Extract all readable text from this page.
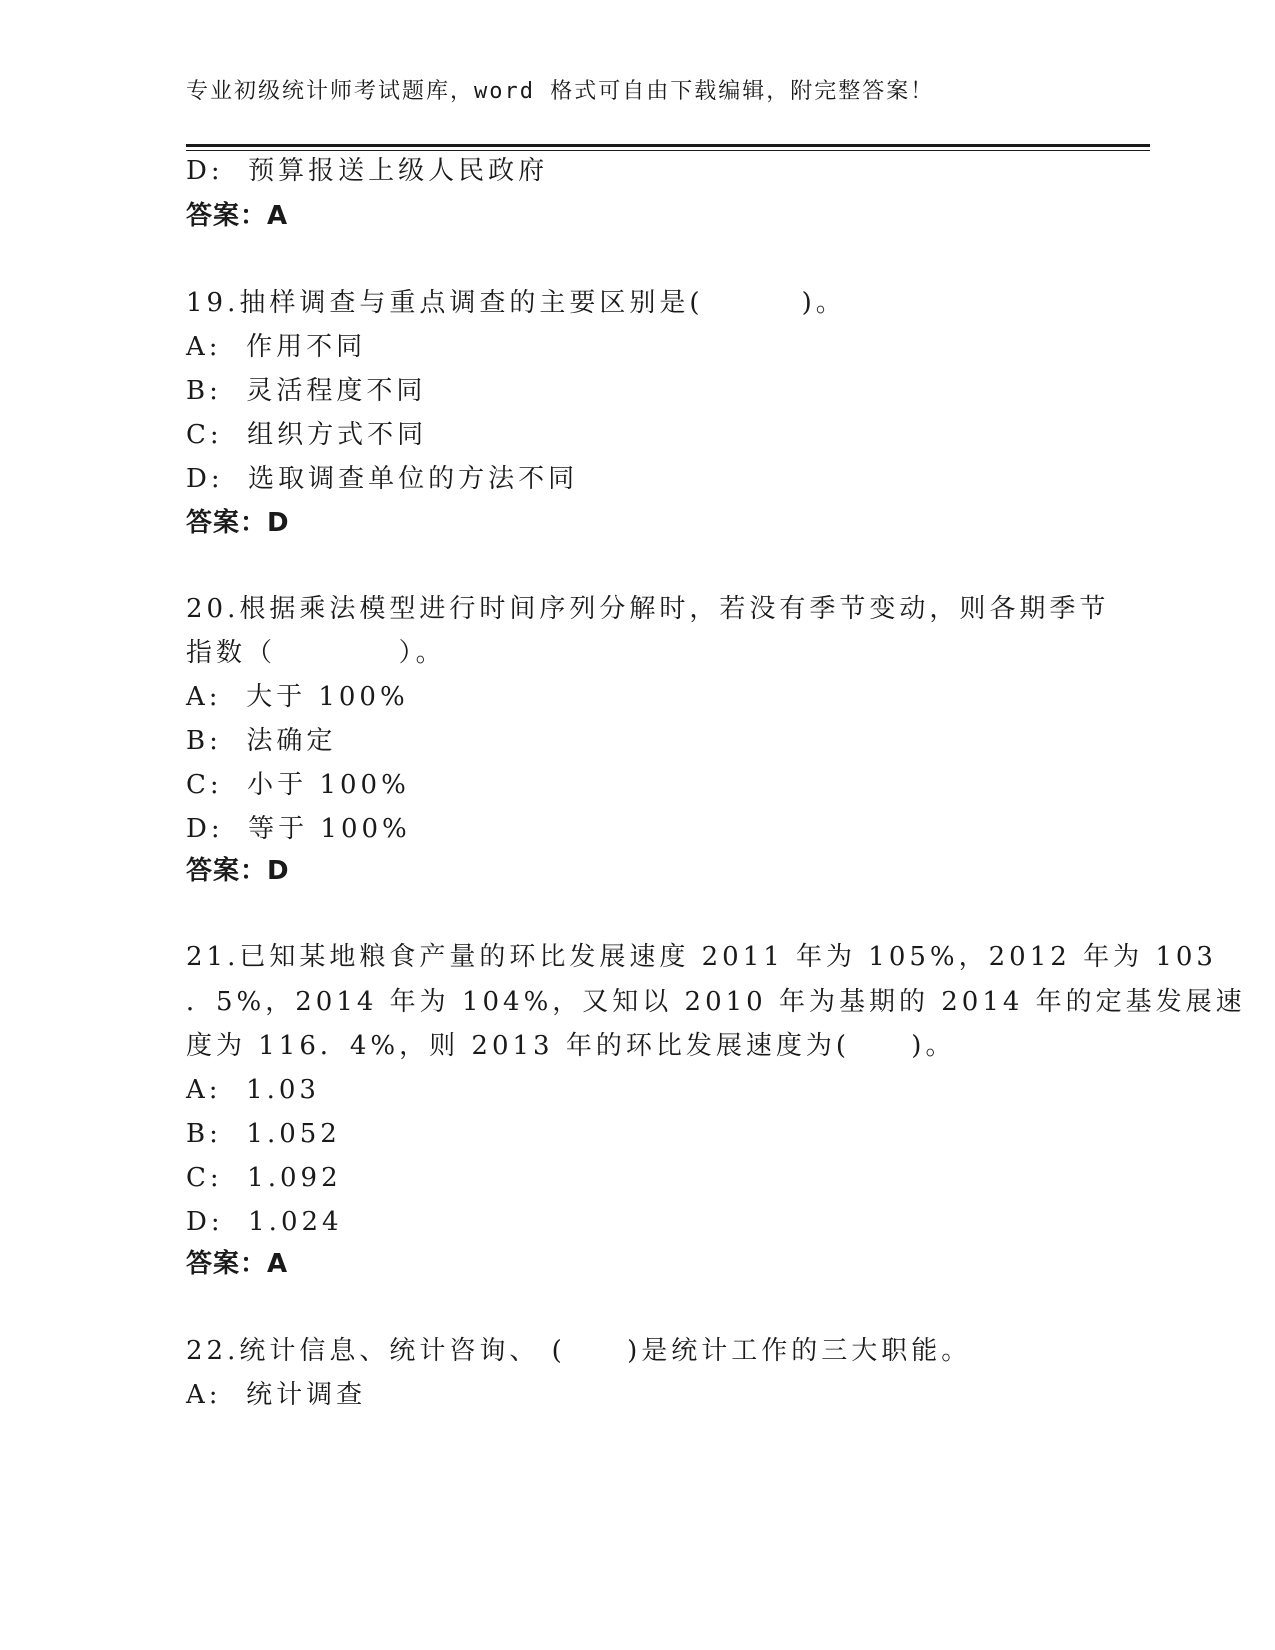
专业初级统计师考试题库，word 格式可自由下载编辑，附完整答案！
D:  预算报送上级人民政府
答案：A
19.抽样调查与重点调查的主要区别是(        )。
A:  作用不同
B:  灵活程度不同
C:  组织方式不同
D:  选取调查单位的方法不同
答案：D
20.根据乘法模型进行时间序列分解时，若没有季节变动，则各期季节
指数（          ）。
A:  大于 100%
B:  法确定
C:  小于 100%
D:  等于 100%
答案：D
21.已知某地粮食产量的环比发展速度 2011 年为 105%，2012 年为 103
．5%，2014 年为 104%，又知以 2010 年为基期的 2014 年的定基发展速
度为 116．4%，则 2013 年的环比发展速度为(     )。
A:  1.03
B:  1.052
C:  1.092
D:  1.024
答案：A
22.统计信息、统计咨询、 (     )是统计工作的三大职能。
A:  统计调查
